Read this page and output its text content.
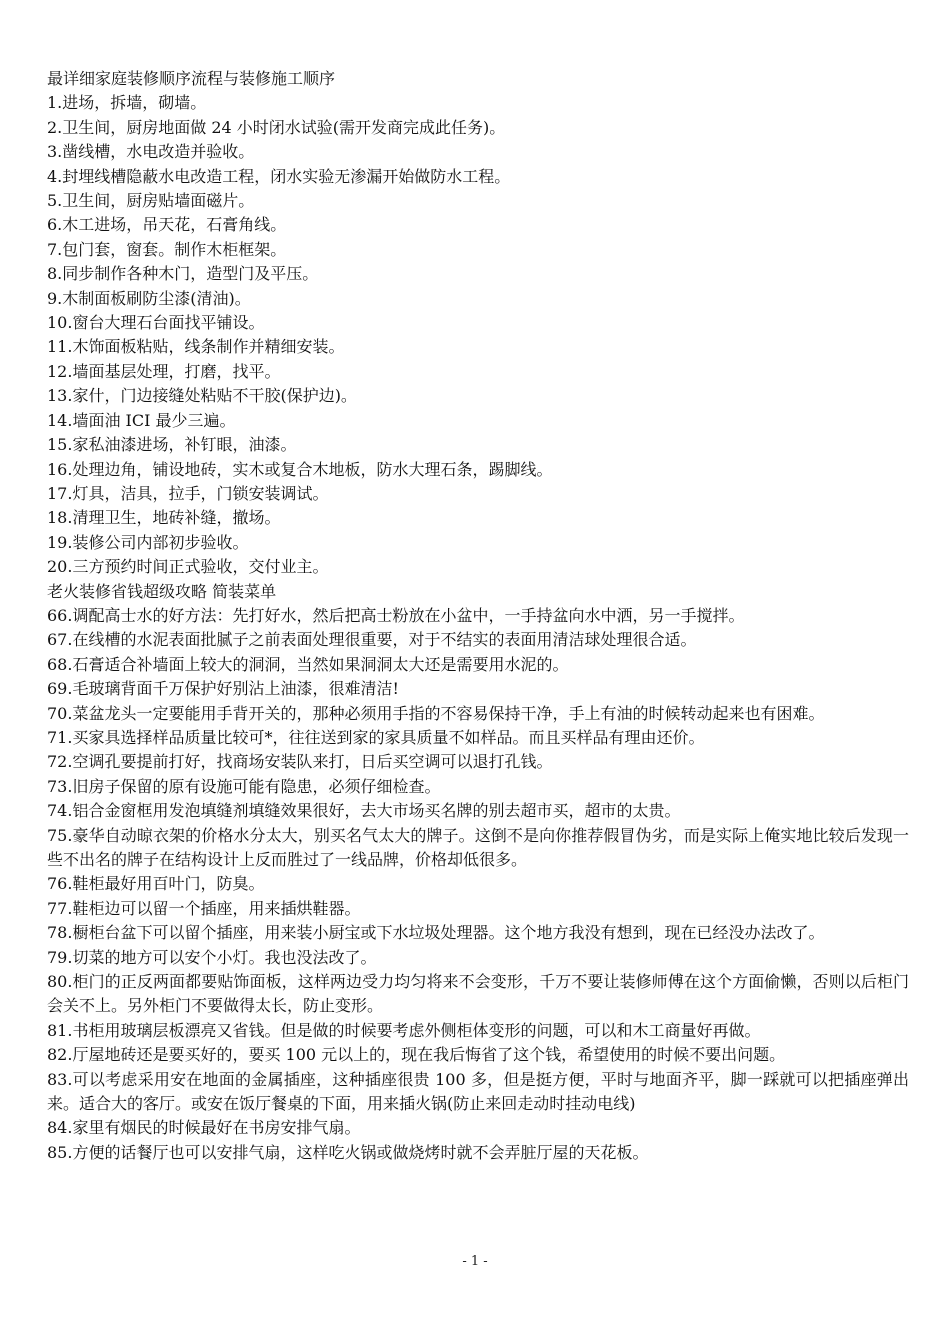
最详细家庭装修顺序流程与装修施工顺序
1.进场，拆墙，砌墙。
2.卫生间，厨房地面做 24 小时闭水试验(需开发商完成此任务)。
3.凿线槽，水电改造并验收。
4.封埋线槽隐蔽水电改造工程，闭水实验无渗漏开始做防水工程。
5.卫生间，厨房贴墙面磁片。
6.木工进场，吊天花，石膏角线。
7.包门套，窗套。制作木柜框架。
8.同步制作各种木门，造型门及平压。
9.木制面板刷防尘漆(清油)。
10.窗台大理石台面找平铺设。
11.木饰面板粘贴，线条制作并精细安装。
12.墙面基层处理，打磨，找平。
13.家什，门边接缝处粘贴不干胶(保护边)。
14.墙面油 ICI 最少三遍。
15.家私油漆进场，补钉眼，油漆。
16.处理边角，铺设地砖，实木或复合木地板，防水大理石条，踢脚线。
17.灯具，洁具，拉手，门锁安装调试。
18.清理卫生，地砖补缝，撤场。
19.装修公司内部初步验收。
20.三方预约时间正式验收，交付业主。
老火装修省钱超级攻略 简装菜单
66.调配高士水的好方法：先打好水，然后把高士粉放在小盆中，一手持盆向水中洒，另一手搅拌。
67.在线槽的水泥表面批腻子之前表面处理很重要，对于不结实的表面用清洁球处理很合适。
68.石膏适合补墙面上较大的洞洞，当然如果洞洞太大还是需要用水泥的。
69.毛玻璃背面千万保护好别沾上油漆，很难清洁!
70.菜盆龙头一定要能用手背开关的，那种必须用手指的不容易保持干净，手上有油的时候转动起来也有困难。
71.买家具选择样品质量比较可*，往往送到家的家具质量不如样品。而且买样品有理由还价。
72.空调孔要提前打好，找商场安装队来打，日后买空调可以退打孔钱。
73.旧房子保留的原有设施可能有隐患，必须仔细检查。
74.铝合金窗框用发泡填缝剂填缝效果很好，去大市场买名牌的别去超市买，超市的太贵。
75.豪华自动晾衣架的价格水分太大，别买名气太大的牌子。这倒不是向你推荐假冒伪劣，而是实际上俺实地比较后发现一些不出名的牌子在结构设计上反而胜过了一线品牌，价格却低很多。
76.鞋柜最好用百叶门，防臭。
77.鞋柜边可以留一个插座，用来插烘鞋器。
78.橱柜台盆下可以留个插座，用来装小厨宝或下水垃圾处理器。这个地方我没有想到，现在已经没办法改了。
79.切菜的地方可以安个小灯。我也没法改了。
80.柜门的正反两面都要贴饰面板，这样两边受力均匀将来不会变形，千万不要让装修师傅在这个方面偷懒，否则以后柜门会关不上。另外柜门不要做得太长，防止变形。
81.书柜用玻璃层板漂亮又省钱。但是做的时候要考虑外侧柜体变形的问题，可以和木工商量好再做。
82.厅屋地砖还是要买好的，要买 100 元以上的，现在我后悔省了这个钱，希望使用的时候不要出问题。
83.可以考虑采用安在地面的金属插座，这种插座很贵 100 多，但是挺方便，平时与地面齐平，脚一踩就可以把插座弹出来。适合大的客厅。或安在饭厅餐桌的下面，用来插火锅(防止来回走动时挂动电线)
84.家里有烟民的时候最好在书房安排气扇。
85.方便的话餐厅也可以安排气扇，这样吃火锅或做烧烤时就不会弄脏厅屋的天花板。
- 1 -
